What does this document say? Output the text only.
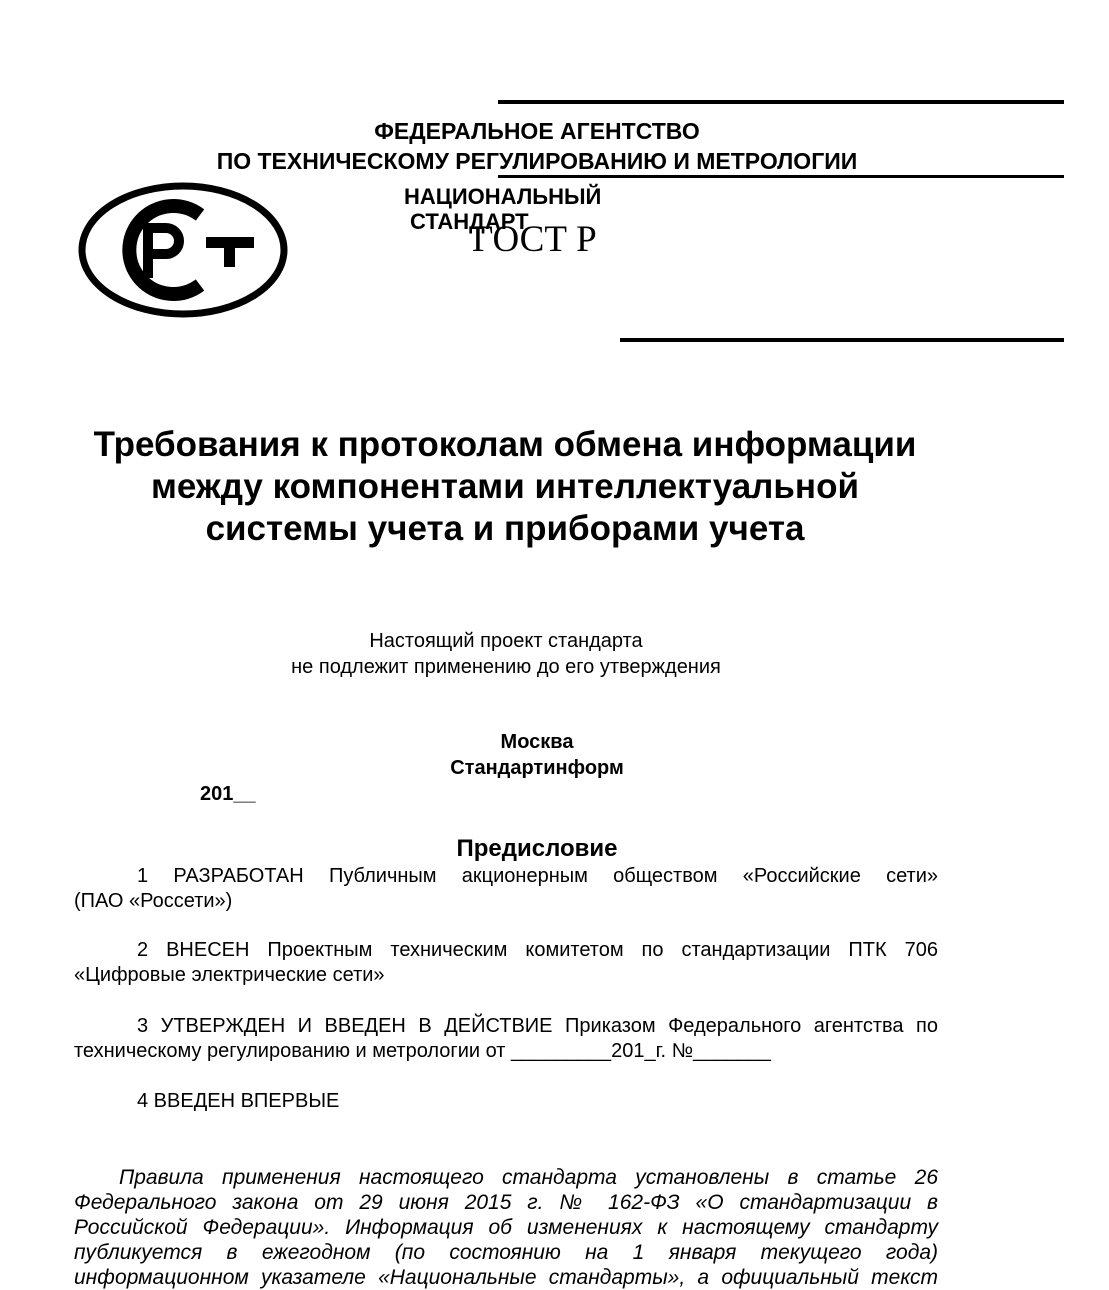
ФЕДЕРАЛЬНОЕ АГЕНТСТВО
ПО ТЕХНИЧЕСКОМУ РЕГУЛИРОВАНИЮ И МЕТРОЛОГИИ
НАЦИОНАЛЬНЫЙ
СТАНДАРТ
ГОСТ Р
Требования к протоколам обмена информации
между компонентами интеллектуальной
системы учета и приборами учета
Настоящий проект стандарта
не подлежит применению до его утверждения
Москва
Стандартинформ
201__
Предисловие
1 РАЗРАБОТАН Публичным акционерным обществом «Российские сети»
(ПАО «Россети»)
2 ВНЕСЕН Проектным техническим комитетом по стандартизации ПТК 706
«Цифровые электрические сети»
3 УТВЕРЖДЕН И ВВЕДЕН В ДЕЙСТВИЕ Приказом Федерального агентства по
техническому регулированию и метрологии от _________201_г. №_______
4 ВВЕДЕН ВПЕРВЫЕ
Правила применения настоящего стандарта установлены в статье 26
Федерального закона от 29 июня 2015 г. № 162-ФЗ «О стандартизации в
Российской Федерации». Информация об изменениях к настоящему стандарту
публикуется в ежегодном (по состоянию на 1 января текущего года)
информационном указателе «Национальные стандарты», а официальный текст
